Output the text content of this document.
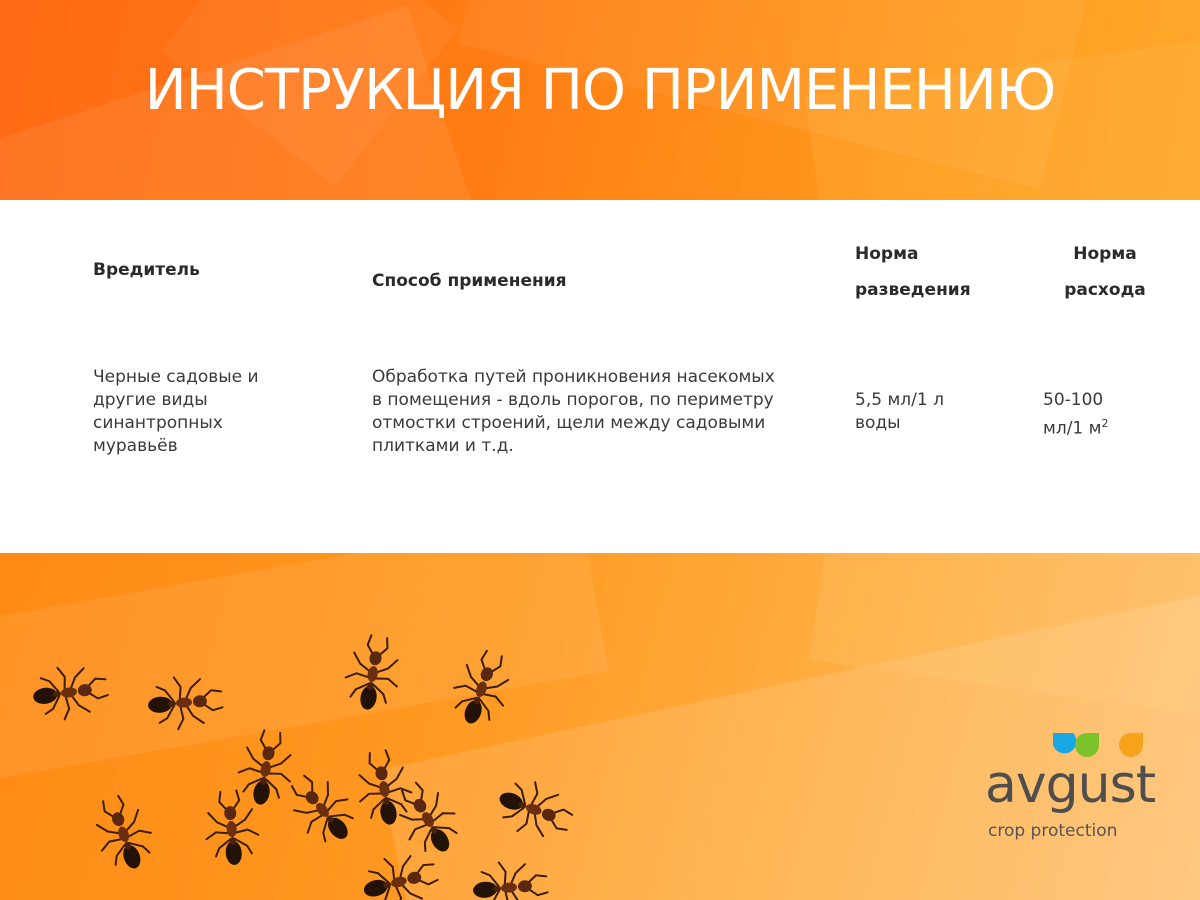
ИНСТРУКЦИЯ ПО ПРИМЕНЕНИЮ
Вредитель
Способ применения
Норма
разведения
Норма
расхода
Черные садовые и
другие виды
синантропных
муравьёв
Обработка путей проникновения насекомых
в помещения - вдоль порогов, по периметру
отмостки строений, щели между садовыми
плитками и т.д.
5,5 мл/1 л
воды
50-100
мл/1 $м^2$
avgust
crop protection
